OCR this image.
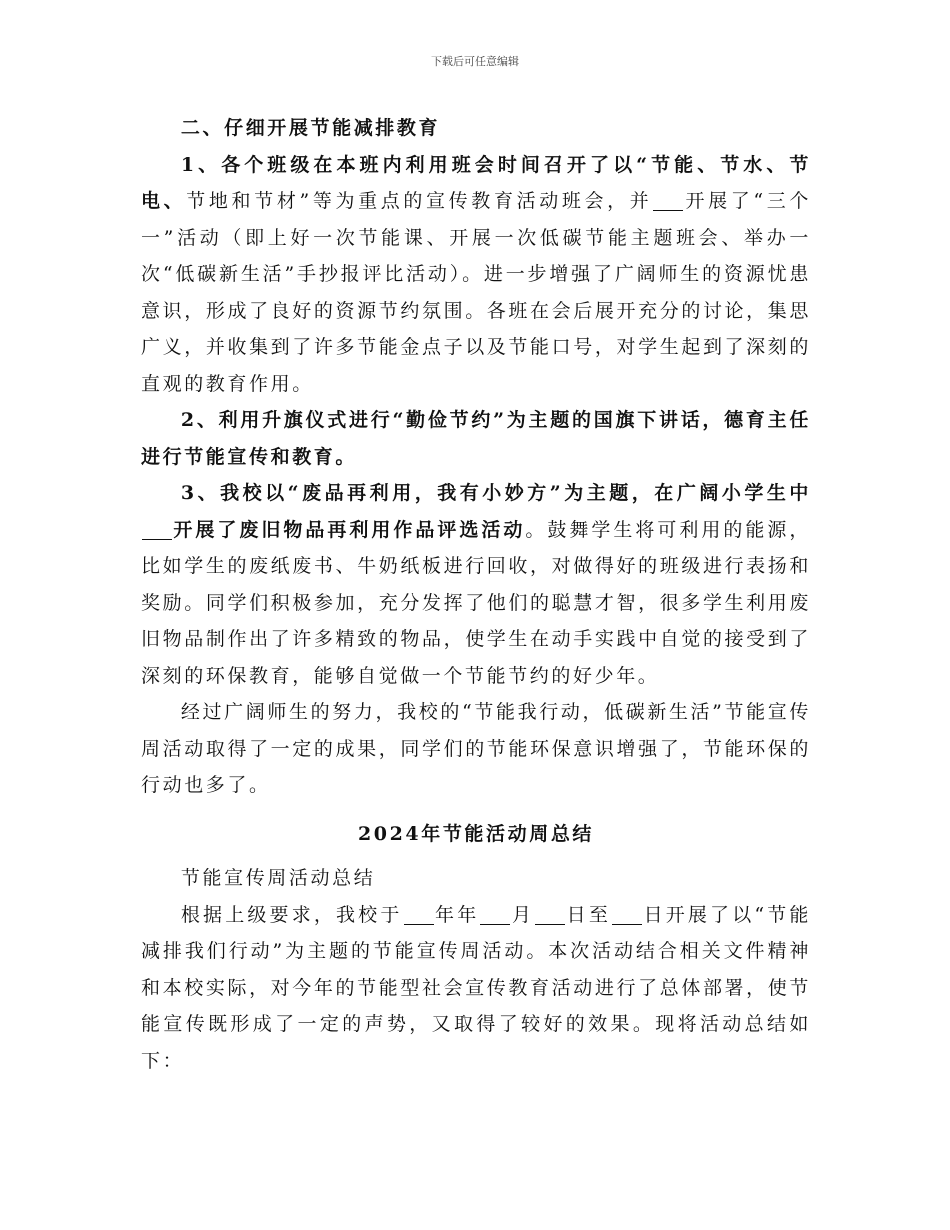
下载后可任意编辑

二、仔细开展节能减排教育

1、各个班级在本班内利用班会时间召开了以“节能、节水、节电、节地和节材”等为重点的宣传教育活动班会，并 开展了“三个一”活动（即上好一次节能课、开展一次低碳节能主题班会、举办一次“低碳新生活”手抄报评比活动）。进一步增强了广阔师生的资源忧患意识，形成了良好的资源节约氛围。各班在会后展开充分的讨论，集思广义，并收集到了许多节能金点子以及节能口号，对学生起到了深刻的直观的教育作用。

2、利用升旗仪式进行“勤俭节约”为主题的国旗下讲话，德育主任进行节能宣传和教育。

3、我校以“废品再利用，我有小妙方”为主题，在广阔小学生中开展了废旧物品再利用作品评选活动。鼓舞学生将可利用的能源，比如学生的废纸废书、牛奶纸板进行回收，对做得好的班级进行表扬和奖励。同学们积极参加，充分发挥了他们的聪慧才智，很多学生利用废旧物品制作出了许多精致的物品，使学生在动手实践中自觉的接受到了深刻的环保教育，能够自觉做一个节能节约的好少年。

经过广阔师生的努力，我校的“节能我行动，低碳新生活”节能宣传周活动取得了一定的成果，同学们的节能环保意识增强了，节能环保的行动也多了。

2024年节能活动周总结

节能宣传周活动总结

根据上级要求，我校于 年年 月 日至 日开展了以“节能减排我们行动”为主题的节能宣传周活动。本次活动结合相关文件精神和本校实际，对今年的节能型社会宣传教育活动进行了总体部署，使节能宣传既形成了一定的声势，又取得了较好的效果。现将活动总结如下：
